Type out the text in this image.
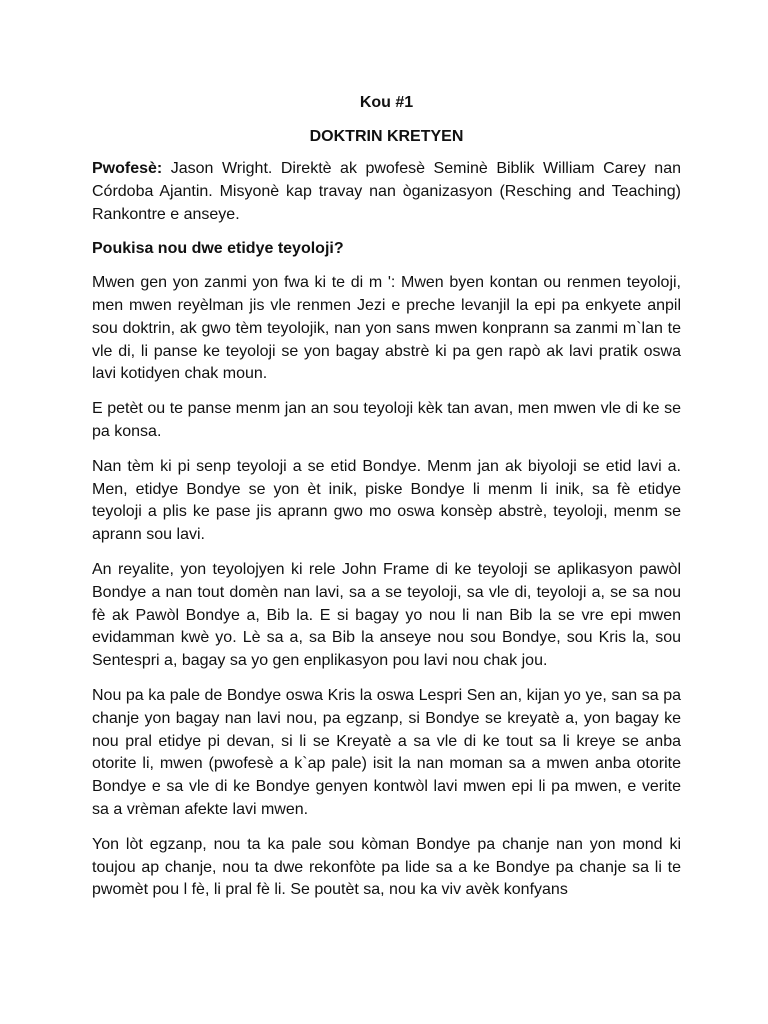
Kou #1
DOKTRIN KRETYEN

Pwofesè: Jason Wright. Direktè ak pwofesè Seminè Biblik William Carey nan Córdoba Ajantin. Misyonè kap travay nan òganizasyon (Resching and Teaching) Rankontre e anseye.

Poukisa nou dwe etidye teyoloji?

Mwen gen yon zanmi yon fwa ki te di m ': Mwen byen kontan ou renmen teyoloji, men mwen reyèlman jis vle renmen Jezi e preche levanjil la epi pa enkyete anpil sou doktrin, ak gwo tèm teyolojik, nan yon sans mwen konprann sa zanmi m`lan te vle di, li panse ke teyoloji se yon bagay abstrè ki pa gen rapò ak lavi pratik oswa lavi kotidyen chak moun.

E petèt ou te panse menm jan an sou teyoloji kèk tan avan, men mwen vle di ke se pa konsa.

Nan tèm ki pi senp teyoloji a se etid Bondye. Menm jan ak biyoloji se etid lavi a. Men, etidye Bondye se yon èt inik, piske Bondye li menm li inik, sa fè etidye teyoloji a plis ke pase jis aprann gwo mo oswa konsèp abstrè, teyoloji, menm se aprann sou lavi.

An reyalite, yon teyolojyen ki rele John Frame di ke teyoloji se aplikasyon pawòl Bondye a nan tout domèn nan lavi, sa a se teyoloji, sa vle di, teyoloji a, se sa nou fè ak Pawòl Bondye a, Bib la. E si bagay yo nou li nan Bib la se vre epi mwen evidamman kwè yo. Lè sa a, sa Bib la anseye nou sou Bondye, sou Kris la, sou Sentespri a, bagay sa yo gen enplikasyon pou lavi nou chak jou.

Nou pa ka pale de Bondye oswa Kris la oswa Lespri Sen an, kijan yo ye, san sa pa chanje yon bagay nan lavi nou, pa egzanp, si Bondye se kreyatè a, yon bagay ke nou pral etidye pi devan, si li se Kreyatè a sa vle di ke tout sa li kreye se anba otorite li, mwen (pwofesè a k`ap pale) isit la nan moman sa a mwen anba otorite Bondye e sa vle di ke Bondye genyen kontwòl lavi mwen epi li pa mwen, e verite sa a vrèman afekte lavi mwen.

Yon lòt egzanp, nou ta ka pale sou kòman Bondye pa chanje nan yon mond ki toujou ap chanje, nou ta dwe rekonfòte pa lide sa a ke Bondye pa chanje sa li te pwomèt pou l fè, li pral fè li. Se poutèt sa, nou ka viv avèk konfyans
